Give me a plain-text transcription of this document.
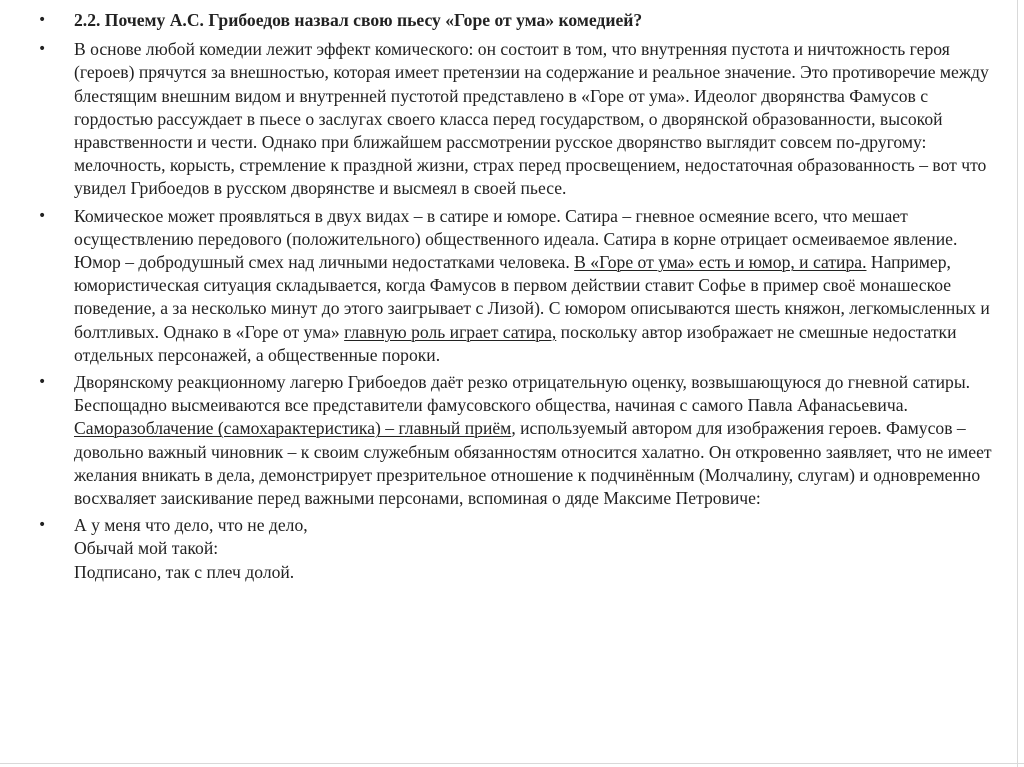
•	2.2. Почему А.С. Грибоедов назвал свою пьесу «Горе от ума» комедией?
•	В основе любой комедии лежит эффект комического: он состоит в том, что внутренняя пустота и ничтожность героя (героев) прячутся за внешностью, которая имеет претензии на содержание и реальное значение. Это противоречие между блестящим внешним видом и внутренней пустотой представлено в «Горе от ума». Идеолог дворянства Фамусов с гордостью рассуждает в пьесе о заслугах своего класса перед государством, о дворянской образованности, высокой нравственности и чести. Однако при ближайшем рассмотрении русское дворянство выглядит совсем по-другому: мелочность, корысть, стремление к праздной жизни, страх перед просвещением, недостаточная образованность – вот что увидел Грибоедов в русском дворянстве и высмеял в своей пьесе.
•	Комическое может проявляться в двух видах – в сатире и юморе. Сатира – гневное осмеяние всего, что мешает осуществлению передового (положительного) общественного идеала. Сатира в корне отрицает осмеиваемое явление. Юмор – добродушный смех над личными недостатками человека. В «Горе от ума» есть и юмор, и сатира. Например, юмористическая ситуация складывается, когда Фамусов в первом действии ставит Софье в пример своё монашеское поведение, а за несколько минут до этого заигрывает с Лизой). С юмором описываются шесть княжон, легкомысленных и болтливых. Однако в «Горе от ума» главную роль играет сатира, поскольку автор изображает не смешные недостатки отдельных персонажей, а общественные пороки.
•	Дворянскому реакционному лагерю Грибоедов даёт резко отрицательную оценку, возвышающуюся до гневной сатиры. Беспощадно высмеиваются все представители фамусовского общества, начиная с самого Павла Афанасьевича. Саморазоблачение (самохарактеристика) – главный приём, используемый автором для изображения героев. Фамусов – довольно важный чиновник – к своим служебным обязанностям относится халатно. Он откровенно заявляет, что не имеет желания вникать в дела, демонстрирует презрительное отношение к подчинённым (Молчалину, слугам) и одновременно восхваляет заискивание перед важными персонами, вспоминая о дяде Максиме Петровиче:
•	А у меня что дело, что не дело,
Обычай мой такой:
Подписано, так с плеч долой.
